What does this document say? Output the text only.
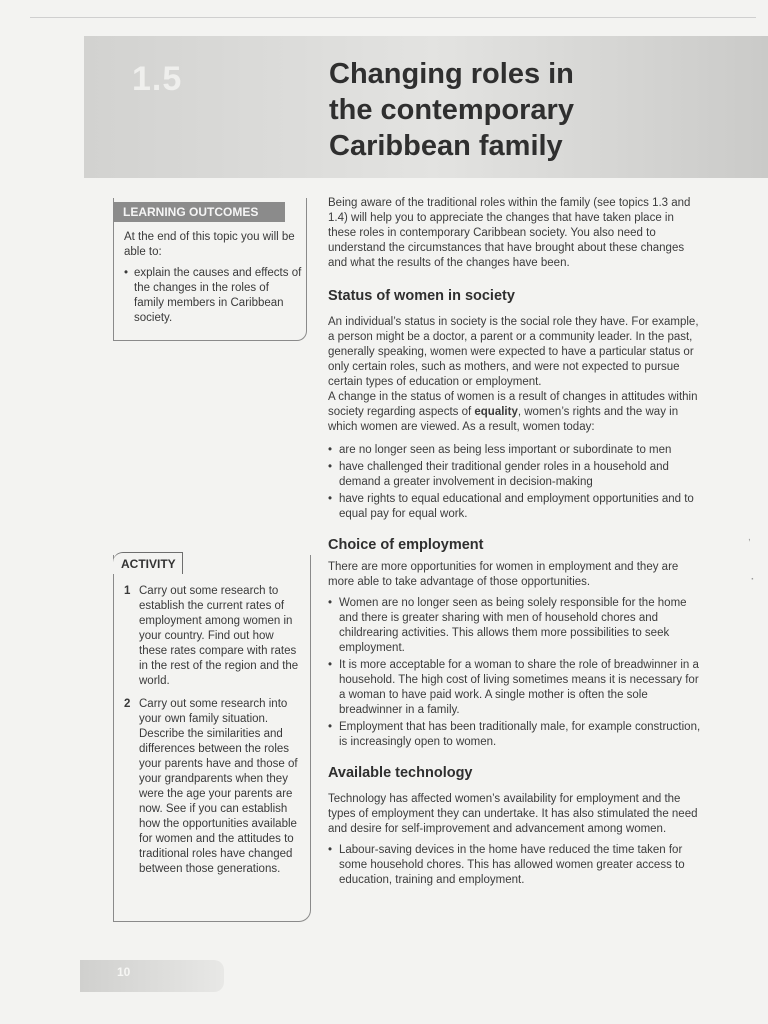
1.5	Changing roles in
the contemporary
Caribbean family
LEARNING OUTCOMES

At the end of this topic you will be able to:

• explain the causes and effects of the changes in the roles of family members in Caribbean society.
ACTIVITY
1 Carry out some research to establish the current rates of employment among women in your country. Find out how these rates compare with rates in the rest of the region and the world.
2 Carry out some research into your own family situation. Describe the similarities and differences between the roles your parents have and those of your grandparents when they were the age your parents are now. See if you can establish how the opportunities available for women and the attitudes to traditional roles have changed between those generations.

Being aware of the traditional roles within the family (see topics 1.3 and 1.4) will help you to appreciate the changes that have taken place in these roles in contemporary Caribbean society. You also need to understand the circumstances that have brought about these changes and what the results of the changes have been.

Status of women in society

An individual’s status in society is the social role they have. For example, a person might be a doctor, a parent or a community leader. In the past, generally speaking, women were expected to have a particular status or only certain roles, such as mothers, and were not expected to pursue certain types of education or employment.

A change in the status of women is a result of changes in attitudes within society regarding aspects of equality, women’s rights and the way in which women are viewed. As a result, women today:

• are no longer seen as being less important or subordinate to men
• have challenged their traditional gender roles in a household and demand a greater involvement in decision-making
• have rights to equal educational and employment opportunities and to equal pay for equal work.
Choice of employment

There are more opportunities for women in employment and they are more able to take advantage of those opportunities.

• Women are no longer seen as being solely responsible for the home and there is greater sharing with men of household chores and childrearing activities. This allows them more possibilities to seek employment.
• It is more acceptable for a woman to share the role of breadwinner in a household. The high cost of living sometimes means it is necessary for a woman to have paid work. A single mother is often the sole breadwinner in a family.
• Employment that has been traditionally male, for example construction, is increasingly open to women.
Available technology

Technology has affected women’s availability for employment and the types of employment they can undertake. It has also stimulated the need and desire for self-improvement and advancement among women.

• Labour-saving devices in the home have reduced the time taken for some household chores. This has allowed women greater access to education, training and employment.
,
·
10
